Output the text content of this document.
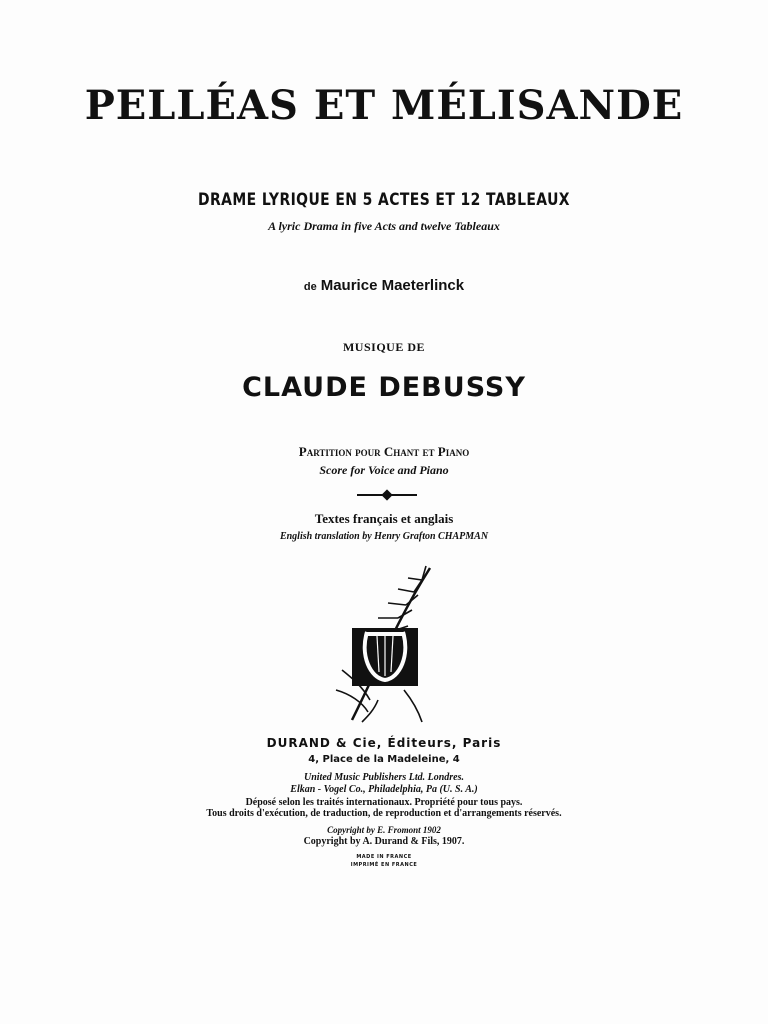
PELLÉAS ET MÉLISANDE
DRAME LYRIQUE EN 5 ACTES ET 12 TABLEAUX
A lyric Drama in five Acts and twelve Tableaux
de Maurice Maeterlinck
MUSIQUE DE
CLAUDE DEBUSSY
Partition pour Chant et Piano
Score for Voice and Piano
Textes français et anglais
English translation by Henry Grafton CHAPMAN
DURAND & Cie, Éditeurs, Paris
4, Place de la Madeleine, 4
United Music Publishers Ltd. Londres.
Elkan - Vogel Co., Philadelphia, Pa (U. S. A.)
Déposé selon les traités internationaux. Propriété pour tous pays.
Tous droits d'exécution, de traduction, de reproduction et d'arrangements réservés.
Copyright by E. Fromont 1902
Copyright by A. Durand & Fils, 1907.
MADE IN FRANCE
IMPRIMÉ EN FRANCE
